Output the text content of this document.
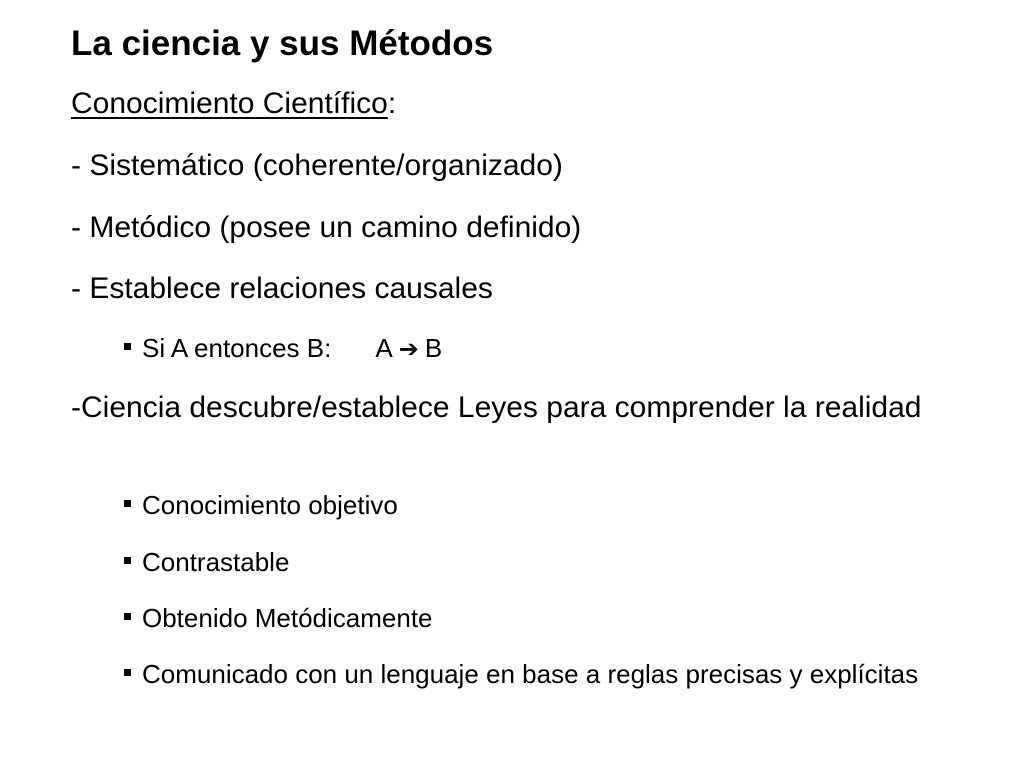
La ciencia y sus Métodos
Conocimiento Científico:
- Sistemático (coherente/organizado)
- Metódico (posee un camino definido)
- Establece relaciones causales
Si A entonces B: A ➔ B
-Ciencia descubre/establece Leyes para comprender la realidad
Conocimiento objetivo
Contrastable
Obtenido Metódicamente
Comunicado con un lenguaje en base a reglas precisas y explícitas
